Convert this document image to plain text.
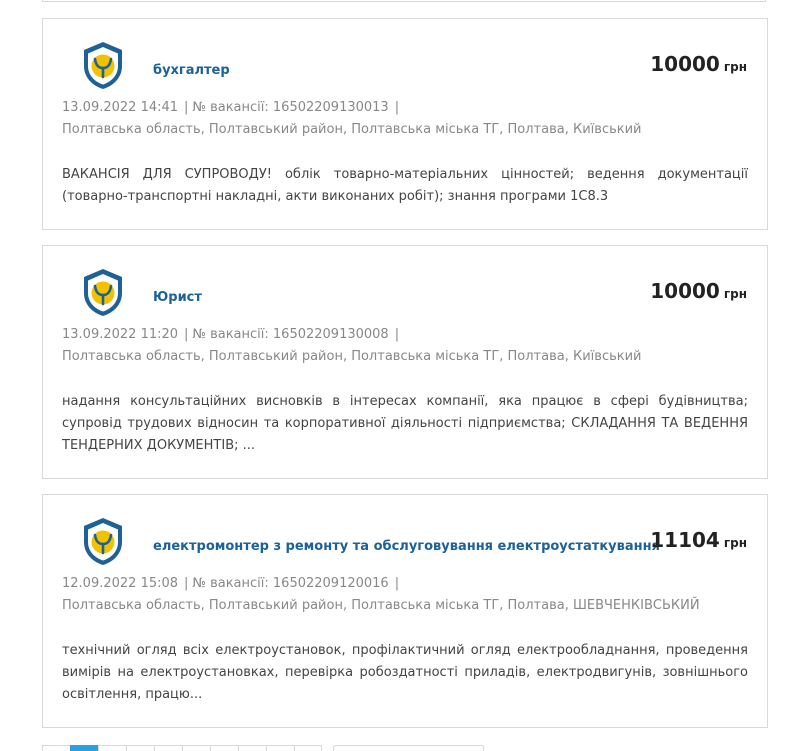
бухгалтер	10000 грн
13.09.2022 14:41 | № вакансії: 16502209130013 |
Полтавська область, Полтавський район, Полтавська міська ТГ, Полтава, Київський
ВАКАНСІЯ ДЛЯ СУПРОВОДУ! облік товарно-матеріальних цінностей; ведення документації (товарно-транспортні накладні, акти виконаних робіт); знання програми 1С8.3
Юрист	10000 грн
13.09.2022 11:20 | № вакансії: 16502209130008 |
Полтавська область, Полтавський район, Полтавська міська ТГ, Полтава, Київський
надання консультаційних висновків в інтересах компанії, яка працює в сфері будівництва; супровід трудових відносин та корпоративної діяльності підприємства; СКЛАДАННЯ ТА ВЕДЕННЯ ТЕНДЕРНИХ ДОКУМЕНТІВ; ...
електромонтер з ремонту та обслуговування електроустаткування
11104 грн
12.09.2022 15:08 | № вакансії: 16502209120016 |
Полтавська область, Полтавський район, Полтавська міська ТГ, Полтава, ШЕВЧЕНКІВСЬКИЙ
технічний огляд всіх електроустановок, профілактичний огляд електрообладнання, проведення вимірів на електроустановках, перевірка робоздатності приладів, електродвигунів, зовнішнього освітлення, працю...
